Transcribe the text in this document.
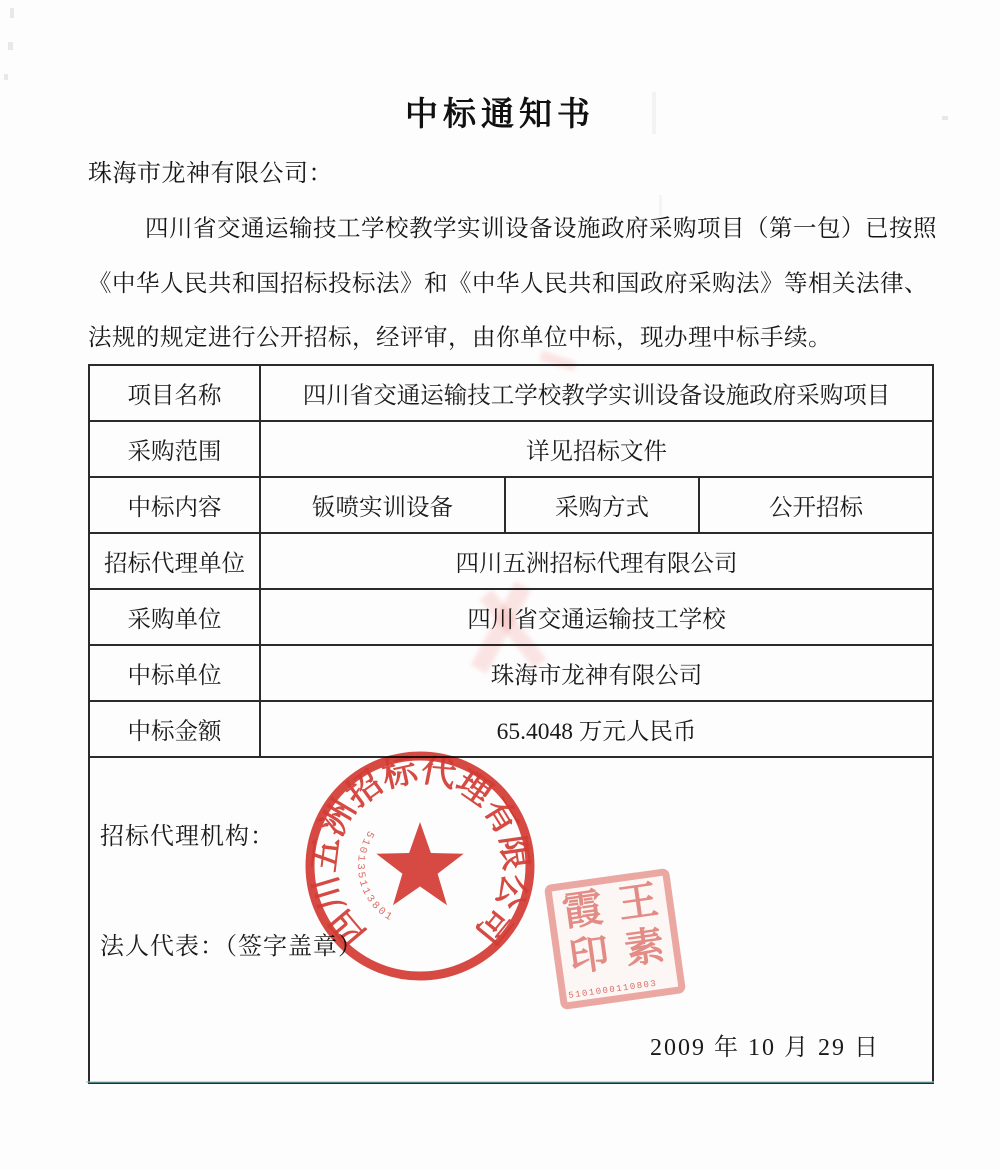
中标通知书
珠海市龙神有限公司：
四川省交通运输技工学校教学实训设备设施政府采购项目（第一包）已按照
《中华人民共和国招标投标法》和《中华人民共和国政府采购法》等相关法律、
法规的规定进行公开招标，经评审，由你单位中标，现办理中标手续。
项目名称	四川省交通运输技工学校教学实训设备设施政府采购项目		
采购范围	详见招标文件		
中标内容	钣喷实训设备	采购方式	公开招标
招标代理单位	四川五洲招标代理有限公司		
采购单位	四川省交通运输技工学校		
中标单位	珠海市龙神有限公司		
中标金额	65.4048 万元人民币		

招标代理机构：
法人代表：（签字盖章）
2009 年 10 月 29 日			
四川五洲招标代理有限公司
510135113801	霞 王
印 素
5101000110803
